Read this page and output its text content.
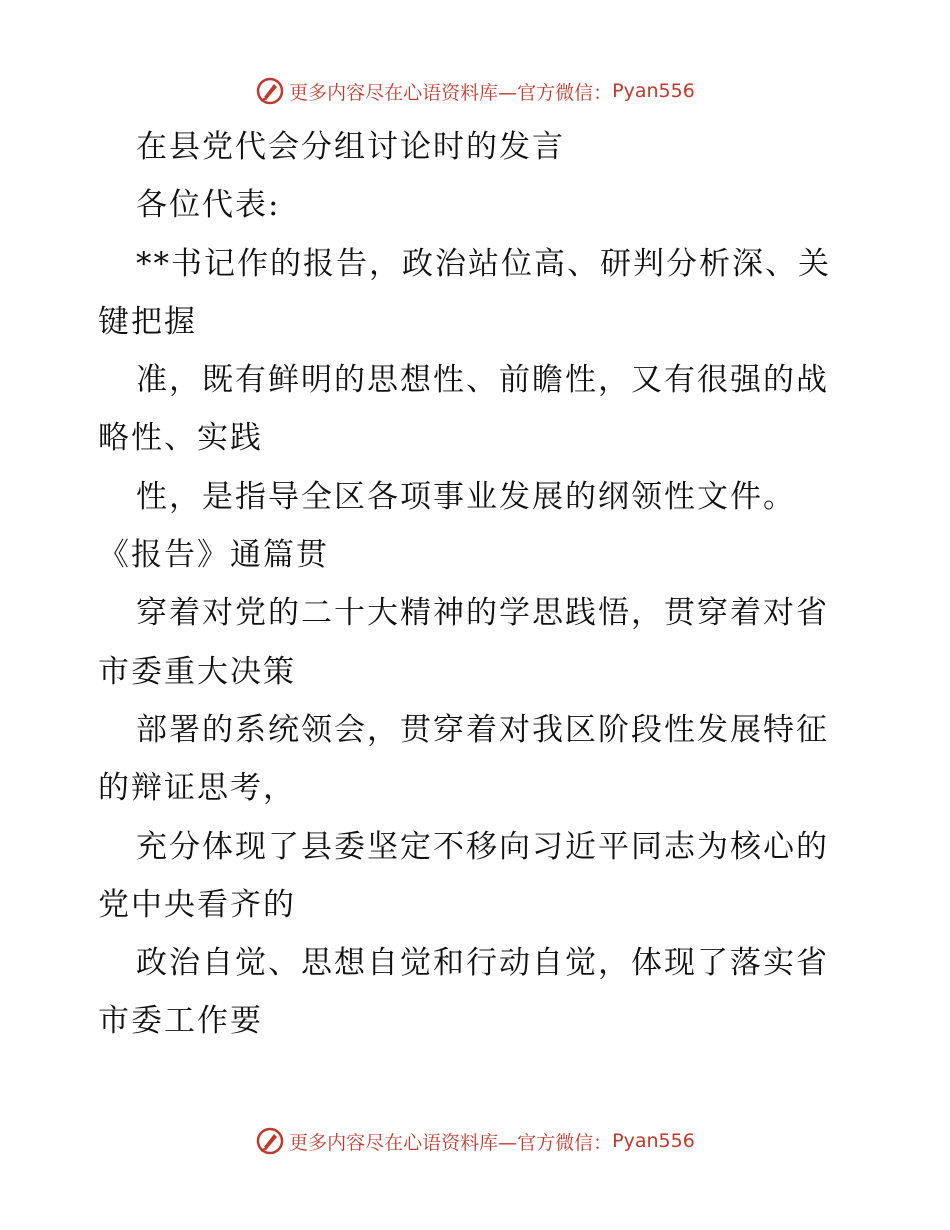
更多内容尽在心语资料库—官方微信： Pyan556
在县党代会分组讨论时的发言
各位代表:
**书记作的报告，政治站位高、研判分析深、关
键把握
准，既有鲜明的思想性、前瞻性，又有很强的战
略性、实践
性，是指导全区各项事业发展的纲领性文件。
《报告》通篇贯
穿着对党的二十大精神的学思践悟，贯穿着对省
市委重大决策
部署的系统领会，贯穿着对我区阶段性发展特征
的辩证思考，
充分体现了县委坚定不移向习近平同志为核心的
党中央看齐的
政治自觉、思想自觉和行动自觉，体现了落实省
市委工作要
更多内容尽在心语资料库—官方微信： Pyan556
